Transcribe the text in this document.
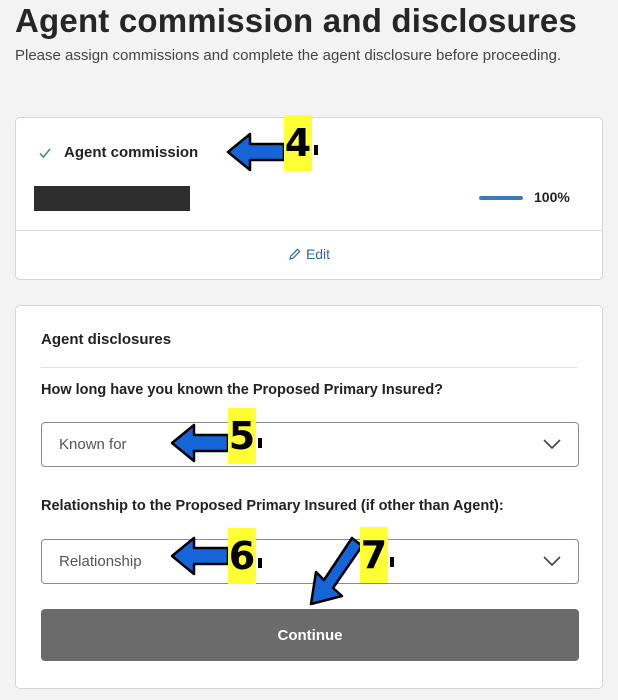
Agent commission and disclosures
Please assign commissions and complete the agent disclosure before proceeding.
Agent commission
100%
Edit
Agent disclosures
How long have you known the Proposed Primary Insured?
Known for
Relationship to the Proposed Primary Insured (if other than Agent):
Relationship
Continue
4
5
6	7
